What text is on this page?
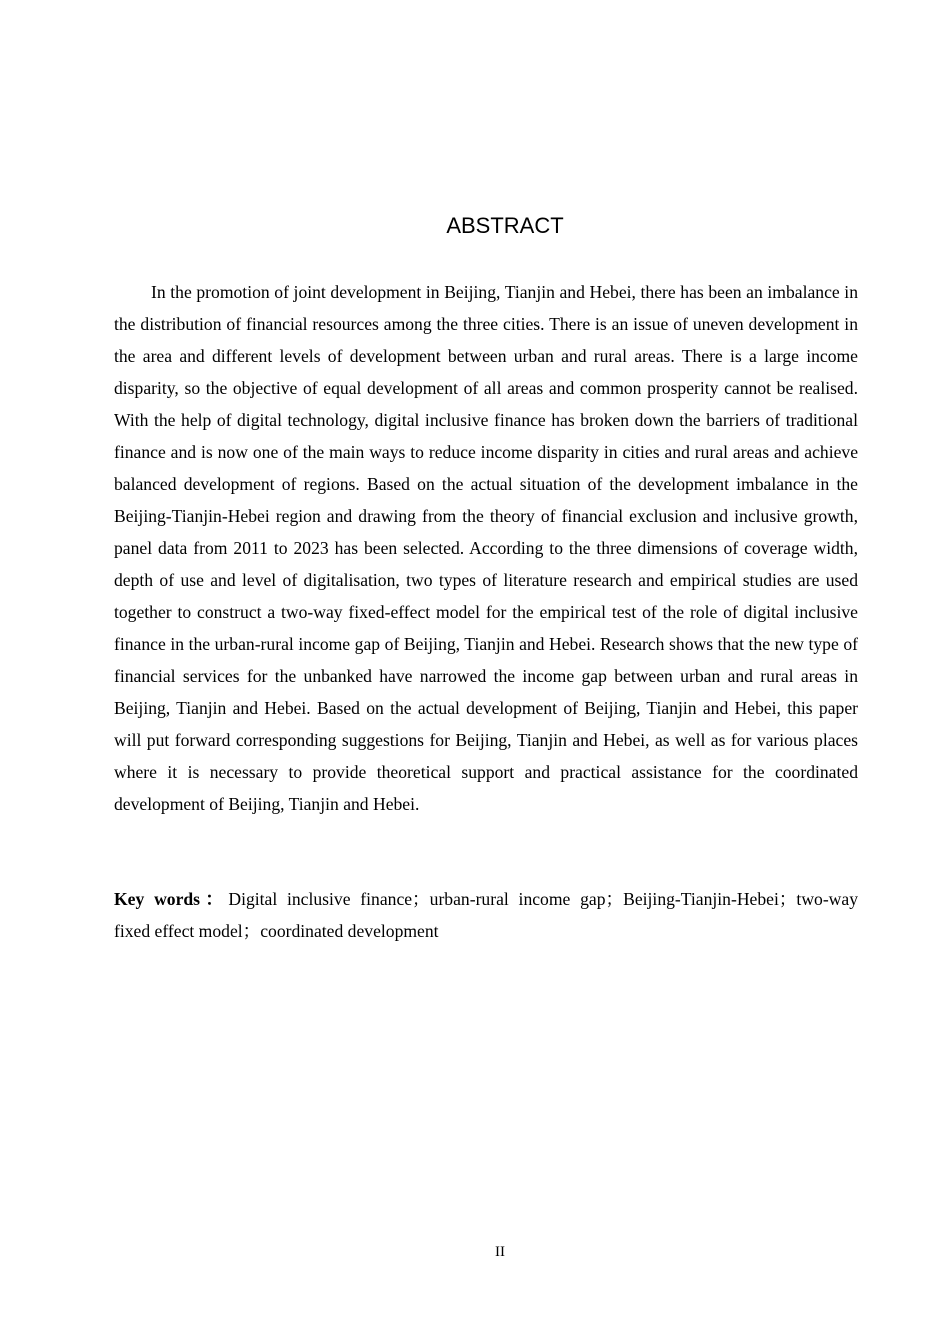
ABSTRACT

In the promotion of joint development in Beijing, Tianjin and Hebei, there has been an imbalance in the distribution of financial resources among the three cities. There is an issue of uneven development in the area and different levels of development between urban and rural areas. There is a large income disparity, so the objective of equal development of all areas and common prosperity cannot be realised. With the help of digital technology, digital inclusive finance has broken down the barriers of traditional finance and is now one of the main ways to reduce income disparity in cities and rural areas and achieve balanced development of regions. Based on the actual situation of the development imbalance in the Beijing-Tianjin-Hebei region and drawing from the theory of financial exclusion and inclusive growth, panel data from 2011 to 2023 has been selected. According to the three dimensions of coverage width, depth of use and level of digitalisation, two types of literature research and empirical studies are used together to construct a two-way fixed-effect model for the empirical test of the role of digital inclusive finance in the urban-rural income gap of Beijing, Tianjin and Hebei. Research shows that the new type of financial services for the unbanked have narrowed the income gap between urban and rural areas in Beijing, Tianjin and Hebei. Based on the actual development of Beijing, Tianjin and Hebei, this paper will put forward corresponding suggestions for Beijing, Tianjin and Hebei, as well as for various places where it is necessary to provide theoretical support and practical assistance for the coordinated development of Beijing, Tianjin and Hebei.

Key words：Digital inclusive finance；urban-rural income gap；Beijing-Tianjin-Hebei；two-way fixed effect model；coordinated development

II
